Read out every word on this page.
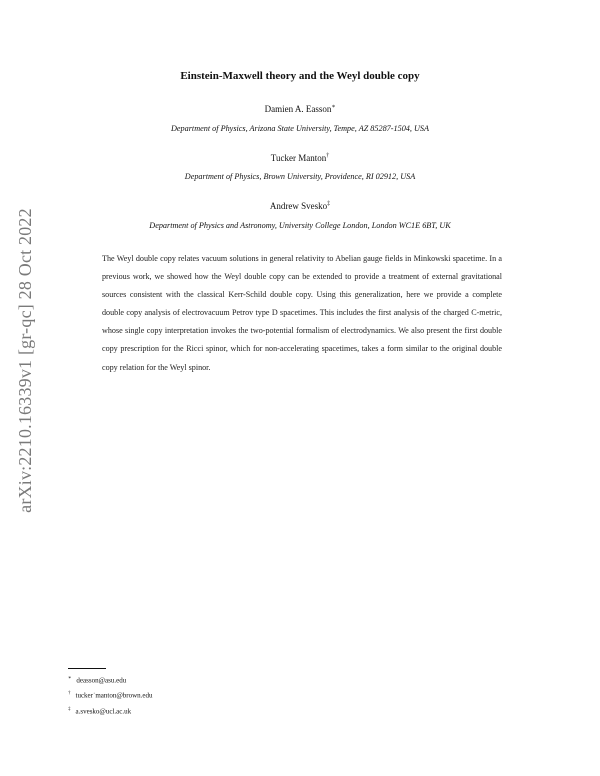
arXiv:2210.16339v1 [gr-qc] 28 Oct 2022
Einstein-Maxwell theory and the Weyl double copy
Damien A. Easson∗
Department of Physics, Arizona State University, Tempe, AZ 85287-1504, USA
Tucker Manton†
Department of Physics, Brown University, Providence, RI 02912, USA
Andrew Svesko‡
Department of Physics and Astronomy, University College London, London WC1E 6BT, UK
The Weyl double copy relates vacuum solutions in general relativity to Abelian gauge fields in Minkowski spacetime. In a previous work, we showed how the Weyl double copy can be extended to provide a treatment of external gravitational sources consistent with the classical Kerr-Schild double copy. Using this generalization, here we provide a complete double copy analysis of electrovacuum Petrov type D spacetimes. This includes the first analysis of the charged C-metric, whose single copy interpretation invokes the two-potential formalism of electrodynamics. We also present the first double copy prescription for the Ricci spinor, which for non-accelerating spacetimes, takes a form similar to the original double copy relation for the Weyl spinor.
∗ deasson@asu.edu
† tucker˙manton@brown.edu
‡ a.svesko@ucl.ac.uk
